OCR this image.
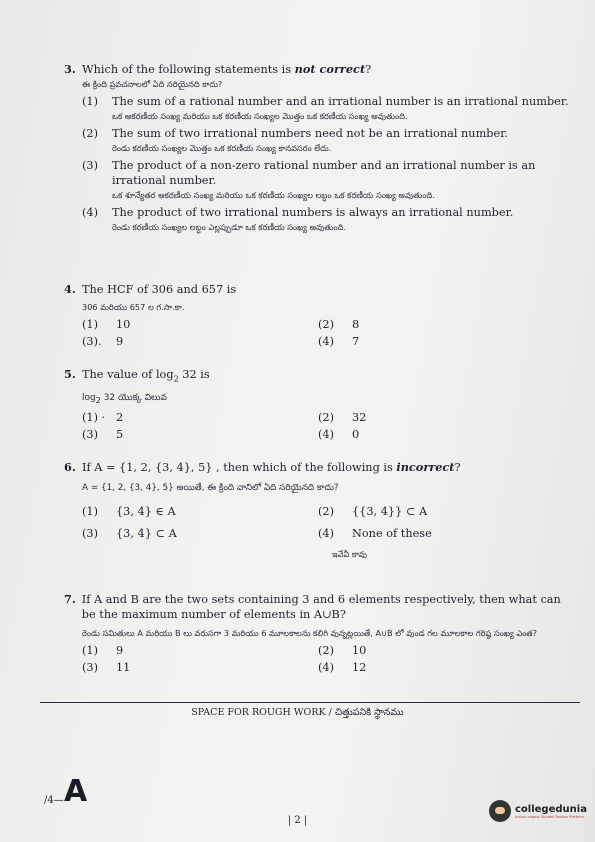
3. Which of the following statements is not correct?
ఈ క్రింది ప్రవచనాలలో ఏది సరియైనది కాదు?
(1)	The sum of a rational number and an irrational number is an irrational number.
ఒక అకరణీయ సంఖ్య మరియు ఒక కరణీయ సంఖ్యల మొత్తం ఒక కరణీయ సంఖ్య అవుతుంది.
(2)	The sum of two irrational numbers need not be an irrational number.
రెండు కరణీయ సంఖ్యల మొత్తం ఒక కరణీయ సంఖ్య కానవసరం లేదు.
(3)	The product of a non-zero rational number and an irrational number is an irrational number.
ఒక శూన్యేతర అకరణీయ సంఖ్య మరియు ఒక కరణీయ సంఖ్యల లబ్ధం ఒక కరణీయ సంఖ్య అవుతుంది.
(4)	The product of two irrational numbers is always an irrational number.
రెండు కరణీయ సంఖ్యల లబ్ధం ఎల్లప్పుడూ ఒక కరణీయ సంఖ్య అవుతుంది.
4. The HCF of 306 and 657 is
306 మరియు 657 ల గ.సా.కా.
(1)	10	(2)	8
(3).	9	(4)	7
5. The value of $\log_2 32$ is
$\log_2 32$ యొక్క విలువ
(1) · 2	(2)	32
(3)	5	(4)	0
6. If A = {1, 2, {3, 4}, 5} , then which of the following is incorrect?
A = {1, 2, {3, 4}, 5} అయితే, ఈ క్రింది వానిలో ఏది సరియైనది కాదు?
(1)	{3, 4} ∈ A	(2)	{{3, 4}} ⊂ A
(3)	{3, 4} ⊂ A	(4)	None of these
ఇవేవీ కావు
7. If A and B are the two sets containing 3 and 6 elements respectively, then what can be the maximum number of elements in A∪B?
రెండు సమితులు A మరియు B లు వరుసగా 3 మరియు 6 మూలకాలను కలిగి వున్నట్లయితే, A∪B లో వుండ గల మూలకాల గరిష్ఠ సంఖ్య ఎంత?
(1)	9	(2)	10
(3)	11	(4)	12
SPACE FOR ROUGH WORK / చిత్తుపనికి స్థానము
/4— A
| 2 |
collegedunia
India's largest Student Review Platform
